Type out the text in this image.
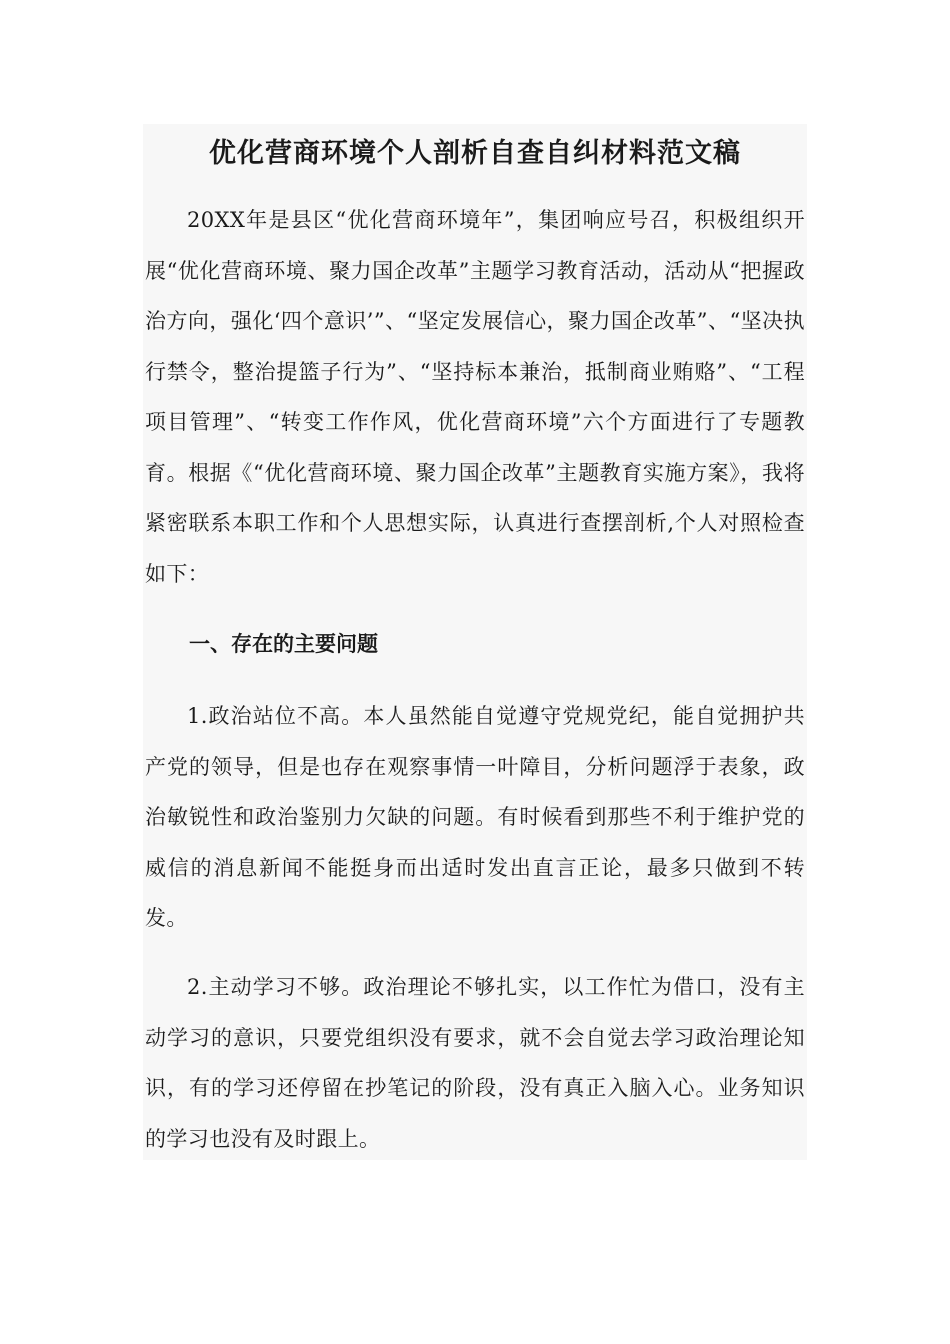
优化营商环境个人剖析自查自纠材料范文稿

20XX年是县区“优化营商环境年”，集团响应号召，积极组织开展“优化营商环境、聚力国企改革”主题学习教育活动，活动从“把握政治方向，强化‘四个意识’”、“坚定发展信心，聚力国企改革”、“坚决执行禁令，整治提篮子行为”、“坚持标本兼治，抵制商业贿赂”、“工程项目管理”、“转变工作作风，优化营商环境”六个方面进行了专题教育。根据《“优化营商环境、聚力国企改革”主题教育实施方案》，我将紧密联系本职工作和个人思想实际，认真进行查摆剖析,个人对照检查如下：

一、存在的主要问题

1.政治站位不高。本人虽然能自觉遵守党规党纪，能自觉拥护共产党的领导，但是也存在观察事情一叶障目，分析问题浮于表象，政治敏锐性和政治鉴别力欠缺的问题。有时候看到那些不利于维护党的威信的消息新闻不能挺身而出适时发出直言正论，最多只做到不转发。

2.主动学习不够。政治理论不够扎实，以工作忙为借口，没有主动学习的意识，只要党组织没有要求，就不会自觉去学习政治理论知识，有的学习还停留在抄笔记的阶段，没有真正入脑入心。业务知识的学习也没有及时跟上。
